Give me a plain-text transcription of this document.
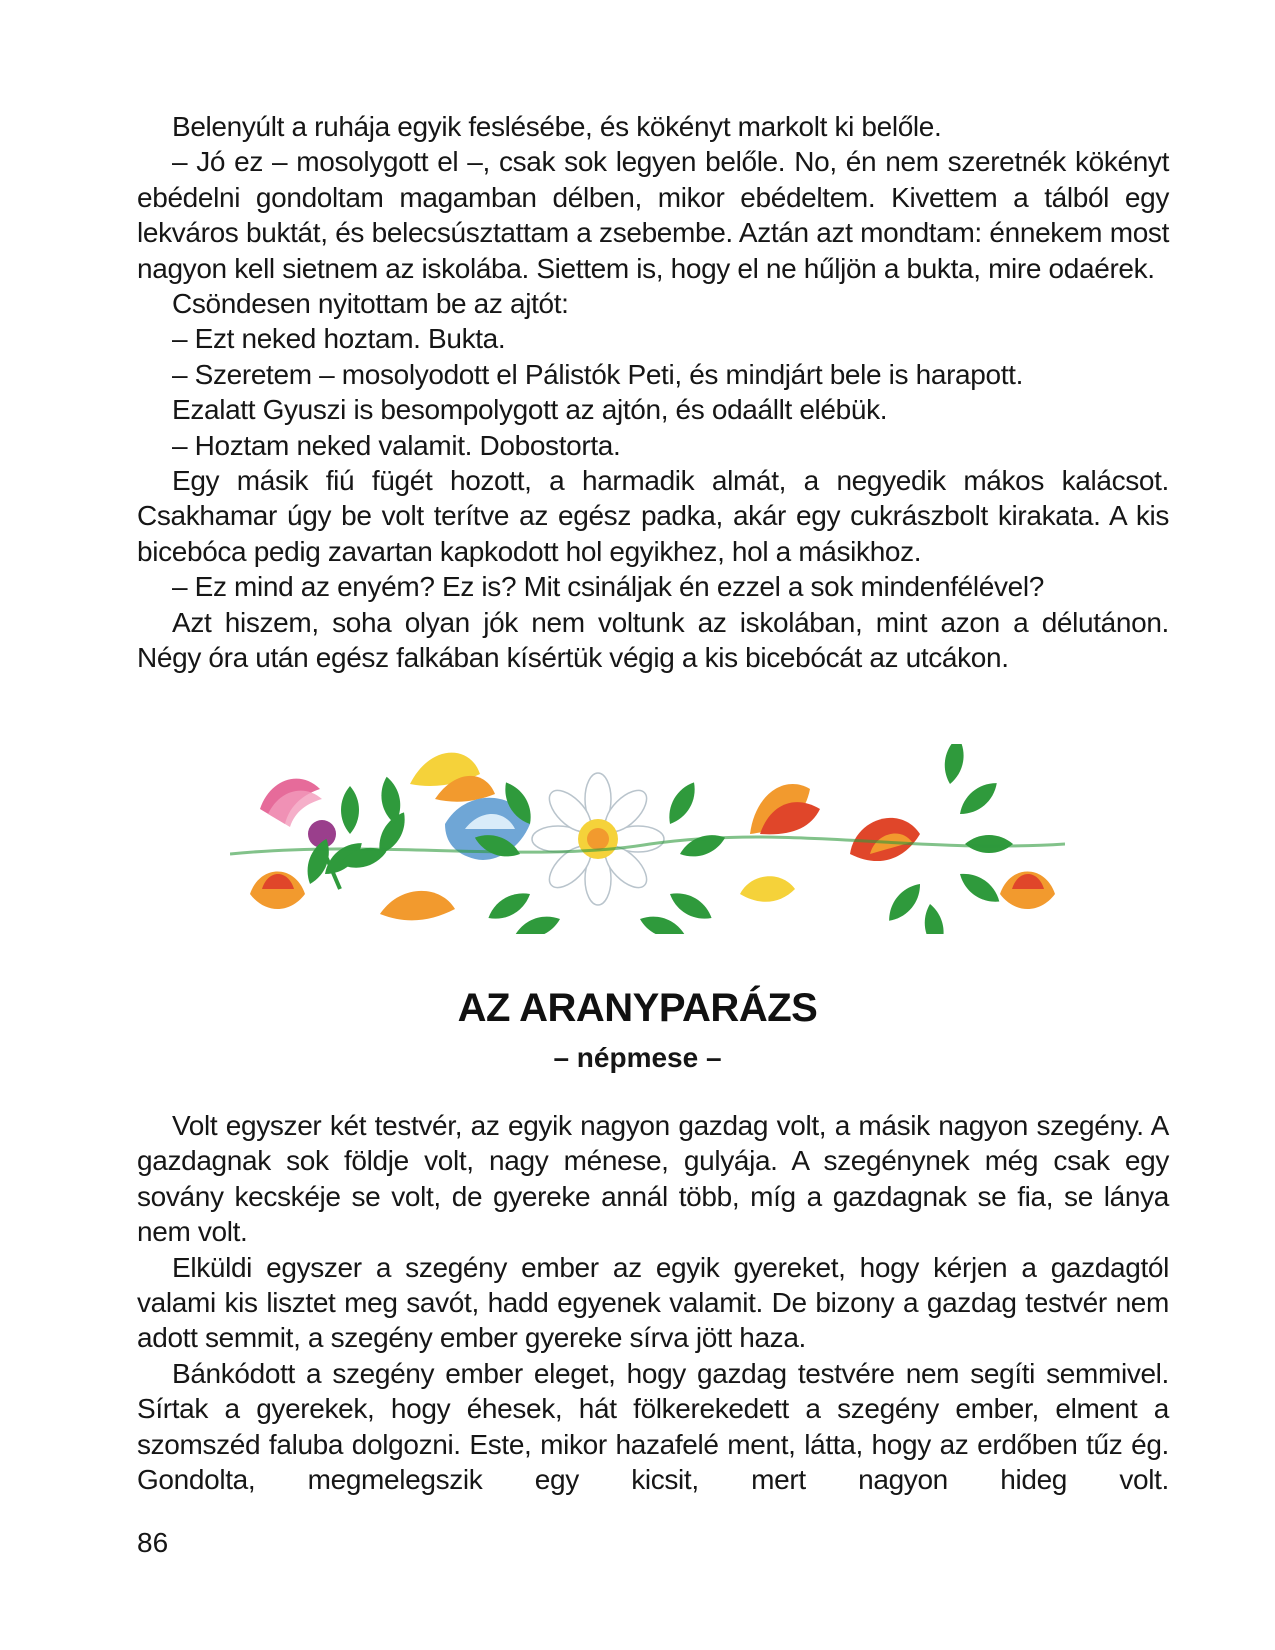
Belenyúlt a ruhája egyik feslésébe, és kökényt markolt ki belőle.

– Jó ez – mosolygott el –, csak sok legyen belőle. No, én nem szeretnék kökényt ebédelni gondoltam magamban délben, mikor ebédeltem. Kivettem a tálból egy lekváros buktát, és belecsúsztattam a zsebembe. Aztán azt mondtam: énnekem most nagyon kell sietnem az iskolába. Siettem is, hogy el ne hűljön a bukta, mire odaérek.

Csöndesen nyitottam be az ajtót:

– Ezt neked hoztam. Bukta.

– Szeretem – mosolyodott el Pálistók Peti, és mindjárt bele is harapott.

Ezalatt Gyuszi is besompolygott az ajtón, és odaállt elébük.

– Hoztam neked valamit. Dobostorta.

Egy másik fiú fügét hozott, a harmadik almát, a negyedik mákos kalácsot. Csakhamar úgy be volt terítve az egész padka, akár egy cukrászbolt kirakata. A kis bicebóca pedig zavartan kapkodott hol egyikhez, hol a másikhoz.

– Ez mind az enyém? Ez is? Mit csináljak én ezzel a sok mindenfélével?

Azt hiszem, soha olyan jók nem voltunk az iskolában, mint azon a délutánon. Négy óra után egész falkában kísértük végig a kis bicebócát az utcákon.

AZ ARANYPARÁZS

– népmese –

Volt egyszer két testvér, az egyik nagyon gazdag volt, a másik nagyon szegény. A gazdagnak sok földje volt, nagy ménese, gulyája. A szegénynek még csak egy sovány kecskéje se volt, de gyereke annál több, míg a gazdagnak se fia, se lánya nem volt.

Elküldi egyszer a szegény ember az egyik gyereket, hogy kérjen a gazdagtól valami kis lisztet meg savót, hadd egyenek valamit. De bizony a gazdag testvér nem adott semmit, a szegény ember gyereke sírva jött haza.

Bánkódott a szegény ember eleget, hogy gazdag testvére nem segíti semmivel. Sírtak a gyerekek, hogy éhesek, hát fölkerekedett a szegény ember, elment a szomszéd faluba dolgozni. Este, mikor hazafelé ment, látta, hogy az erdőben tűz ég. Gondolta, megmelegszik egy kicsit, mert nagyon hideg volt.

86
